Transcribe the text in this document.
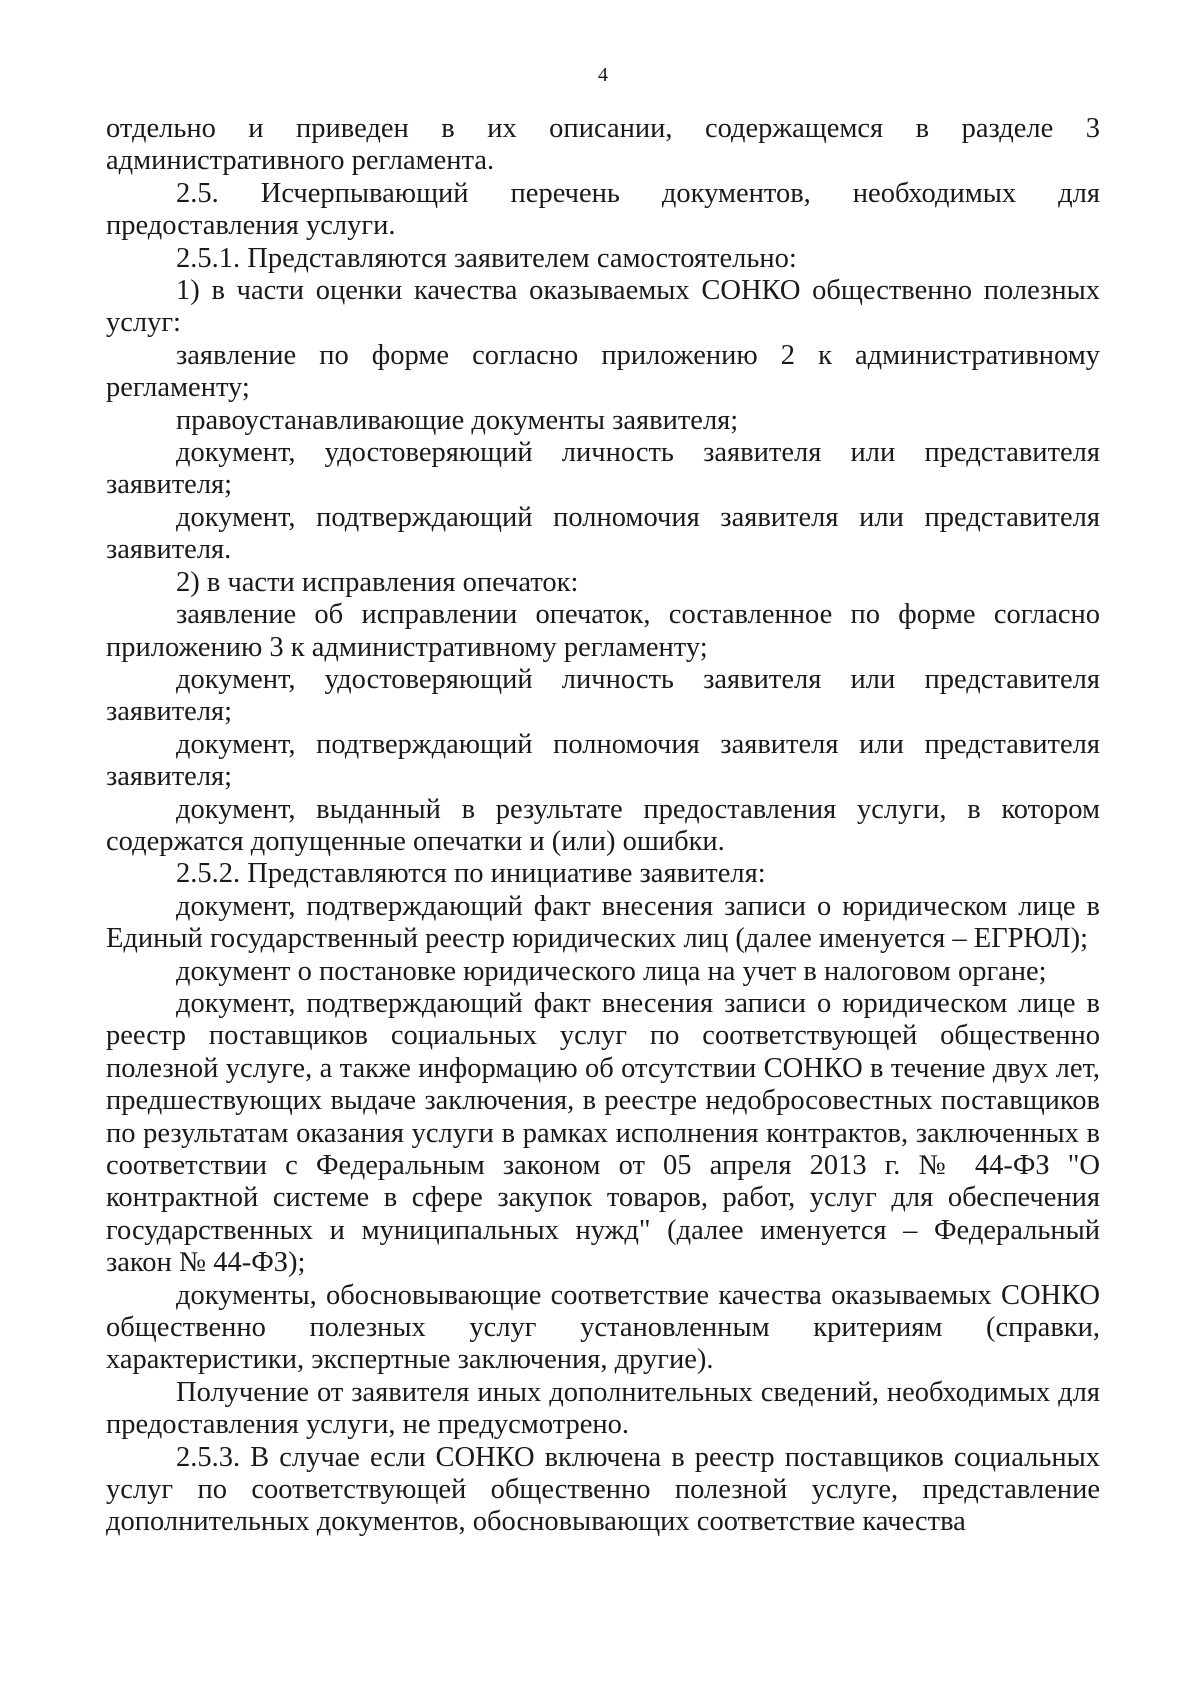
4

отдельно и приведен в их описании, содержащемся в разделе 3 административного регламента.

2.5. Исчерпывающий перечень документов, необходимых для предоставления услуги.

2.5.1. Представляются заявителем самостоятельно:

1) в части оценки качества оказываемых СОНКО общественно полезных услуг:

заявление по форме согласно приложению 2 к административному регламенту;

правоустанавливающие документы заявителя;

документ, удостоверяющий личность заявителя или представителя заявителя;

документ, подтверждающий полномочия заявителя или представителя заявителя.

2) в части исправления опечаток:

заявление об исправлении опечаток, составленное по форме согласно приложению 3 к административному регламенту;

документ, удостоверяющий личность заявителя или представителя заявителя;

документ, подтверждающий полномочия заявителя или представителя заявителя;

документ, выданный в результате предоставления услуги, в котором содержатся допущенные опечатки и (или) ошибки.

2.5.2. Представляются по инициативе заявителя:

документ, подтверждающий факт внесения записи о юридическом лице в Единый государственный реестр юридических лиц (далее именуется – ЕГРЮЛ);

документ о постановке юридического лица на учет в налоговом органе;

документ, подтверждающий факт внесения записи о юридическом лице в реестр поставщиков социальных услуг по соответствующей общественно полезной услуге, а также информацию об отсутствии СОНКО в течение двух лет, предшествующих выдаче заключения, в реестре недобросовестных поставщиков по результатам оказания услуги в рамках исполнения контрактов, заключенных в соответствии с Федеральным законом от 05 апреля 2013 г. № 44-ФЗ "О контрактной системе в сфере закупок товаров, работ, услуг для обеспечения государственных и муниципальных нужд" (далее именуется – Федеральный закон № 44-ФЗ);

документы, обосновывающие соответствие качества оказываемых СОНКО общественно полезных услуг установленным критериям (справки, характеристики, экспертные заключения, другие).

Получение от заявителя иных дополнительных сведений, необходимых для предоставления услуги, не предусмотрено.

2.5.3. В случае если СОНКО включена в реестр поставщиков социальных услуг по соответствующей общественно полезной услуге, представление дополнительных документов, обосновывающих соответствие качества
